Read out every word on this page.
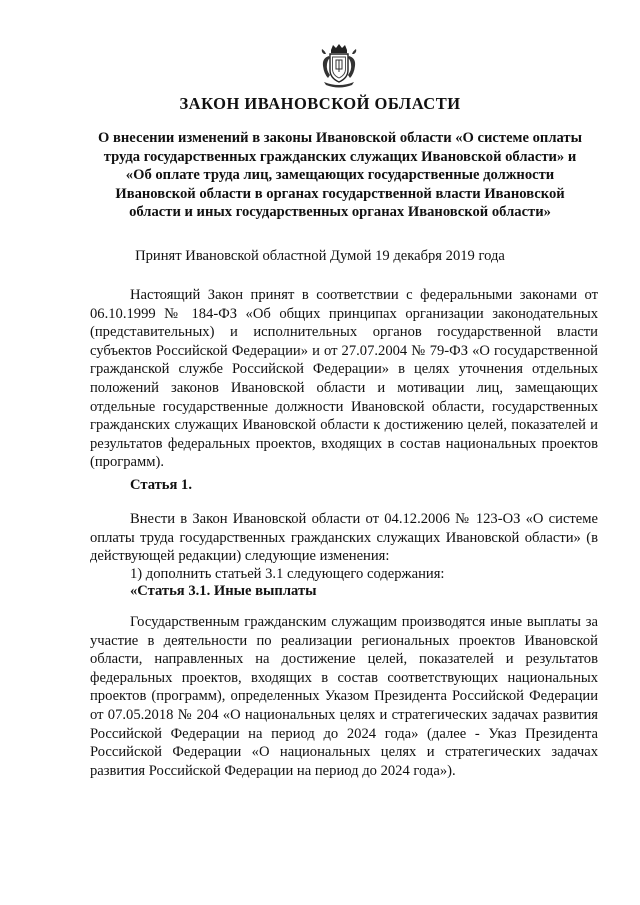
ЗАКОН ИВАНОВСКОЙ ОБЛАСТИ

О внесении изменений в законы Ивановской области «О системе оплаты труда государственных гражданских служащих Ивановской области» и «Об оплате труда лиц, замещающих государственные должности Ивановской области в органах государственной власти Ивановской области и иных государственных органах Ивановской области»

Принят Ивановской областной Думой 19 декабря 2019 года

Настоящий Закон принят в соответствии с федеральными законами от 06.10.1999 № 184-ФЗ «Об общих принципах организации законодательных (представительных) и исполнительных органов государственной власти субъектов Российской Федерации» и от 27.07.2004 № 79-ФЗ «О государственной гражданской службе Российской Федерации» в целях уточнения отдельных положений законов Ивановской области и мотивации лиц, замещающих отдельные государственные должности Ивановской области, государственных гражданских служащих Ивановской области к достижению целей, показателей и результатов федеральных проектов, входящих в состав национальных проектов (программ).

Статья 1.

Внести в Закон Ивановской области от 04.12.2006 № 123-ОЗ «О системе оплаты труда государственных гражданских служащих Ивановской области» (в действующей редакции) следующие изменения:

1) дополнить статьей 3.1 следующего содержания:

«Статья 3.1. Иные выплаты

Государственным гражданским служащим производятся иные выплаты за участие в деятельности по реализации региональных проектов Ивановской области, направленных на достижение целей, показателей и результатов федеральных проектов, входящих в состав соответствующих национальных проектов (программ), определенных Указом Президента Российской Федерации от 07.05.2018 № 204 «О национальных целях и стратегических задачах развития Российской Федерации на период до 2024 года» (далее - Указ Президента Российской Федерации «О национальных целях и стратегических задачах развития Российской Федерации на период до 2024 года»).
